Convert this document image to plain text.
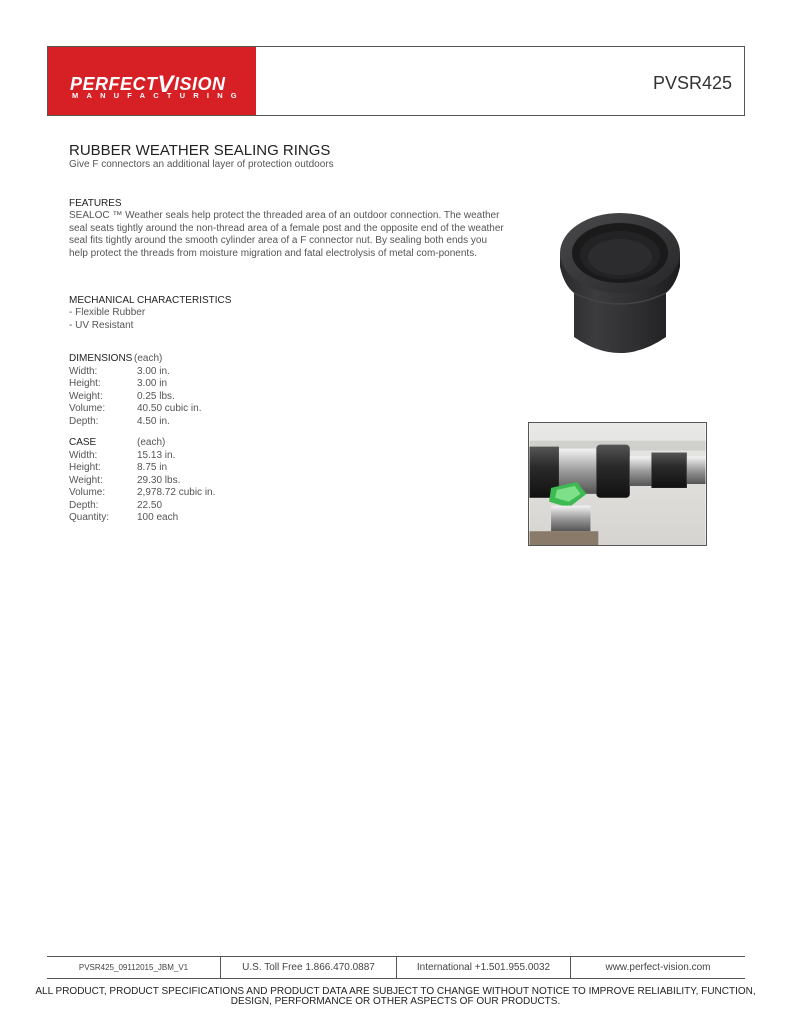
PERFECTVISION
MANUFACTURING
PVSR425
RUBBER WEATHER SEALING RINGS
Give F connectors an additional layer of protection outdoors
FEATURES
SEALOC ™ Weather seals help protect the threaded area of an outdoor connection. The weather seal seats tightly around the non-thread area of a female post and the opposite end of the weather seal fits tightly around the smooth cylinder area of a F connector nut. By sealing both ends you help protect the threads from moisture migration and fatal electrolysis of metal com-ponents.
MECHANICAL CHARACTERISTICS
- Flexible Rubber
- UV Resistant
DIMENSIONS (each)
Width:	3.00 in.
Height:	3.00 in
Weight:	0.25 lbs.
Volume:	40.50 cubic in.
Depth:	4.50 in.
CASE	(each)
Width:	15.13 in.
Height:	8.75 in
Weight:	29.30 lbs.
Volume:	2,978.72 cubic in.
Depth:	22.50
Quantity:	100 each
PVSR425_09112015_JBM_V1	U.S. Toll Free 1.866.470.0887	International +1.501.955.0032	www.perfect-vision.com
ALL PRODUCT, PRODUCT SPECIFICATIONS AND PRODUCT DATA ARE SUBJECT TO CHANGE WITHOUT NOTICE TO IMPROVE RELIABILITY, FUNCTION, DESIGN, PERFORMANCE OR OTHER ASPECTS OF OUR PRODUCTS.
